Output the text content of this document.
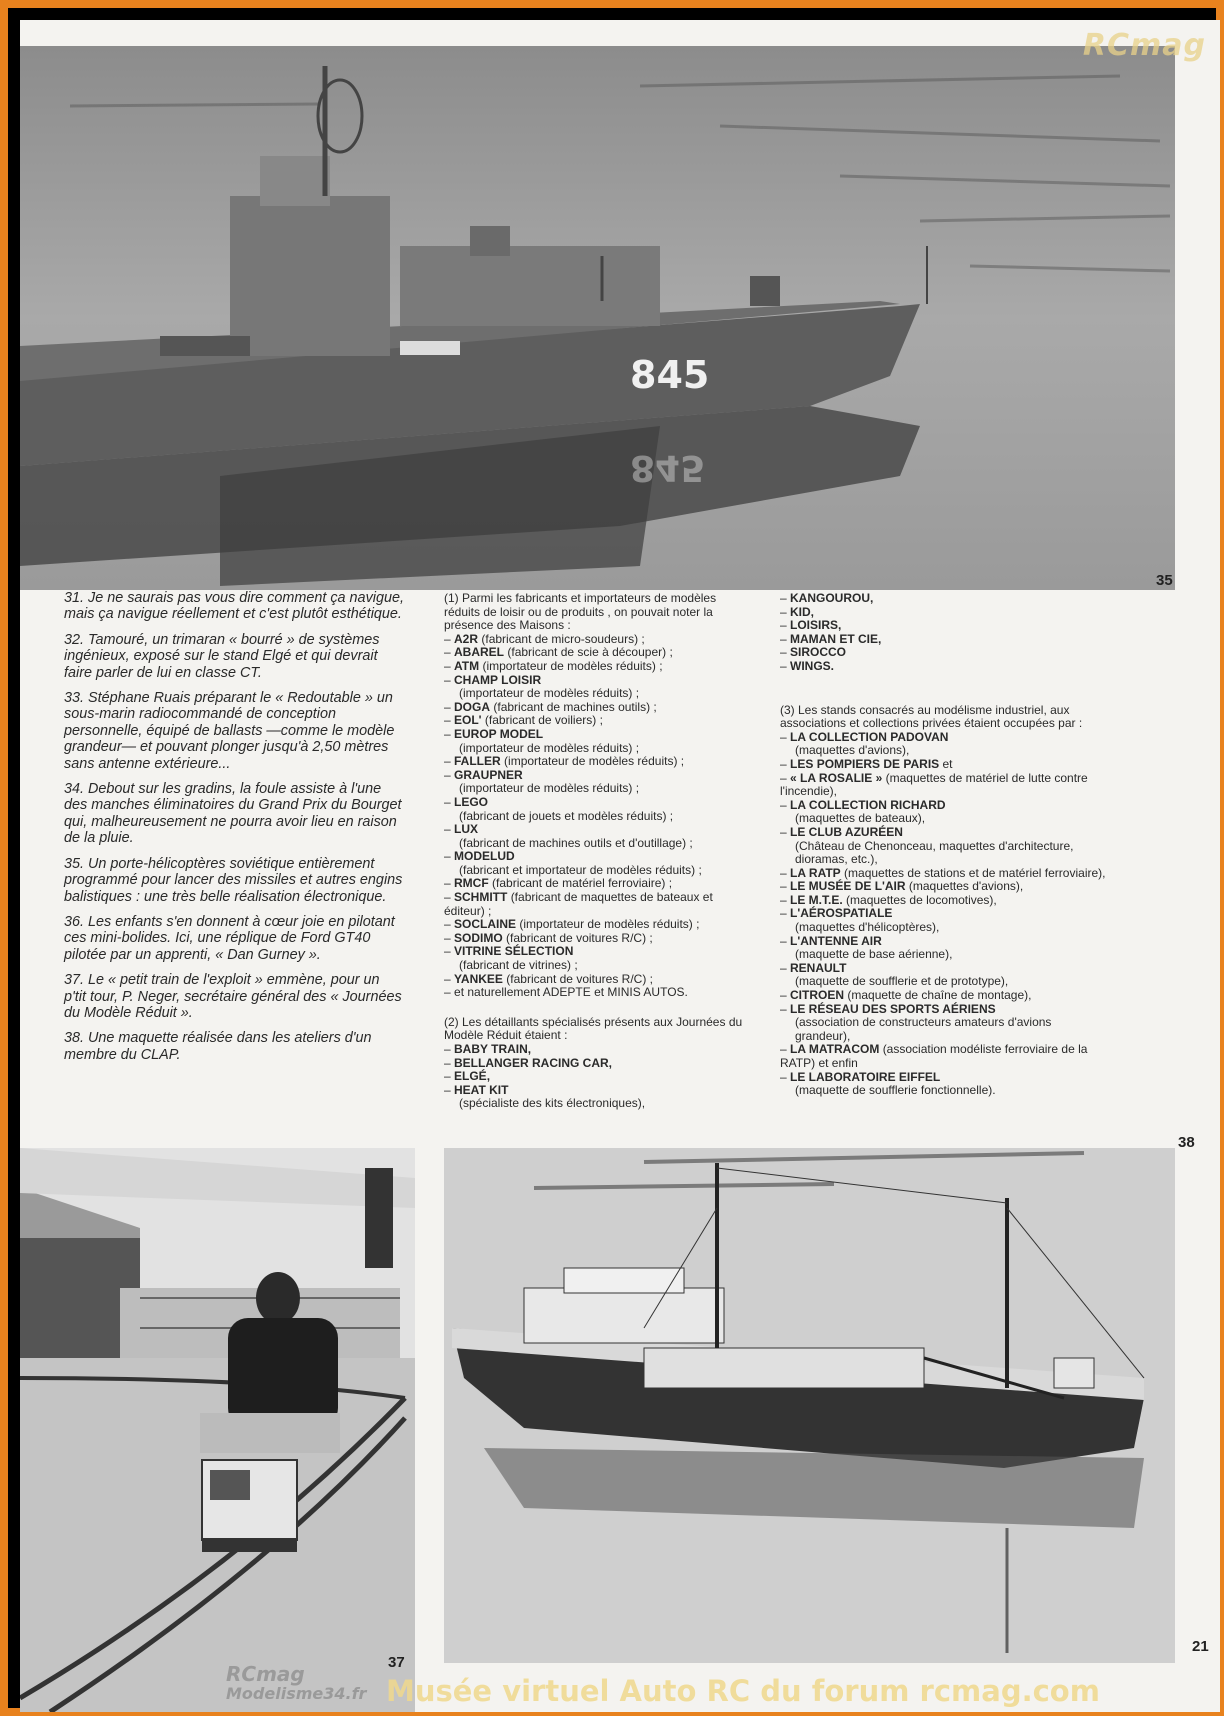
845
845
35

31. Je ne saurais pas vous dire comment ça navigue, mais ça navigue réellement et c'est plutôt esthétique.

32. Tamouré, un trimaran « bourré » de systèmes ingénieux, exposé sur le stand Elgé et qui devrait faire parler de lui en classe CT.

33. Stéphane Ruais préparant le « Redoutable » un sous-marin radiocommandé de conception personnelle, équipé de ballasts —comme le modèle grandeur— et pouvant plonger jusqu'à 2,50 mètres sans antenne extérieure...

34. Debout sur les gradins, la foule assiste à l'une des manches éliminatoires du Grand Prix du Bourget qui, malheureusement ne pourra avoir lieu en raison de la pluie.

35. Un porte-hélicoptères soviétique entièrement programmé pour lancer des missiles et autres engins balistiques : une très belle réalisation électronique.

36. Les enfants s'en donnent à cœur joie en pilotant ces mini-bolides. Ici, une réplique de Ford GT40 pilotée par un apprenti, « Dan Gurney ».

37. Le « petit train de l'exploit » emmène, pour un p'tit tour, P. Neger, secrétaire général des « Journées du Modèle Réduit ».

38. Une maquette réalisée dans les ateliers d'un membre du CLAP.

(1) Parmi les fabricants et importateurs de modèles réduits de loisir ou de produits , on pouvait noter la présence des Maisons :
– A2R (fabricant de micro-soudeurs) ;
– ABAREL (fabricant de scie à découper) ;
– ATM (importateur de modèles réduits) ;
– CHAMP LOISIR
(importateur de modèles réduits) ;
– DOGA (fabricant de machines outils) ;
– EOL' (fabricant de voiliers) ;
– EUROP MODEL
(importateur de modèles réduits) ;
– FALLER (importateur de modèles réduits) ;
– GRAUPNER
(importateur de modèles réduits) ;
– LEGO
(fabricant de jouets et modèles réduits) ;
– LUX
(fabricant de machines outils et d'outillage) ;
– MODELUD
(fabricant et importateur de modèles réduits) ;
– RMCF (fabricant de matériel ferroviaire) ;
– SCHMITT (fabricant de maquettes de bateaux et éditeur) ;
– SOCLAINE (importateur de modèles réduits) ;
– SODIMO (fabricant de voitures R/C) ;
– VITRINE SÉLECTION
(fabricant de vitrines) ;
– YANKEE (fabricant de voitures R/C) ;
– et naturellement ADEPTE et MINIS AUTOS.
(2) Les détaillants spécialisés présents aux Journées du Modèle Réduit étaient :
– BABY TRAIN,
– BELLANGER RACING CAR,
– ELGÉ,
– HEAT KIT
(spécialiste des kits électroniques),
– KANGOUROU,
– KID,
– LOISIRS,
– MAMAN ET CIE,
– SIROCCO
– WINGS.
(3) Les stands consacrés au modélisme industriel, aux associations et collections privées étaient occupées par :
– LA COLLECTION PADOVAN
(maquettes d'avions),
– LES POMPIERS DE PARIS et
– « LA ROSALIE » (maquettes de matériel de lutte contre l'incendie),
– LA COLLECTION RICHARD
(maquettes de bateaux),
– LE CLUB AZURÉEN
(Château de Chenonceau, maquettes d'architecture, dioramas, etc.),
– LA RATP (maquettes de stations et de matériel ferroviaire),
– LE MUSÉE DE L'AIR (maquettes d'avions),
– LE M.T.E. (maquettes de locomotives),
– L'AÉROSPATIALE
(maquettes d'hélicoptères),
– L'ANTENNE AIR
(maquette de base aérienne),
– RENAULT
(maquette de soufflerie et de prototype),
– CITROEN (maquette de chaîne de montage),
– LE RÉSEAU DES SPORTS AÉRIENS
(association de constructeurs amateurs d'avions grandeur),
– LA MATRACOM (association modéliste ferroviaire de la RATP) et enfin
– LE LABORATOIRE EIFFEL
(maquette de soufflerie fonctionnelle).
38
37
21
RCmag
RCmag
Modelisme34.fr Musée virtuel Auto RC du forum rcmag.com
